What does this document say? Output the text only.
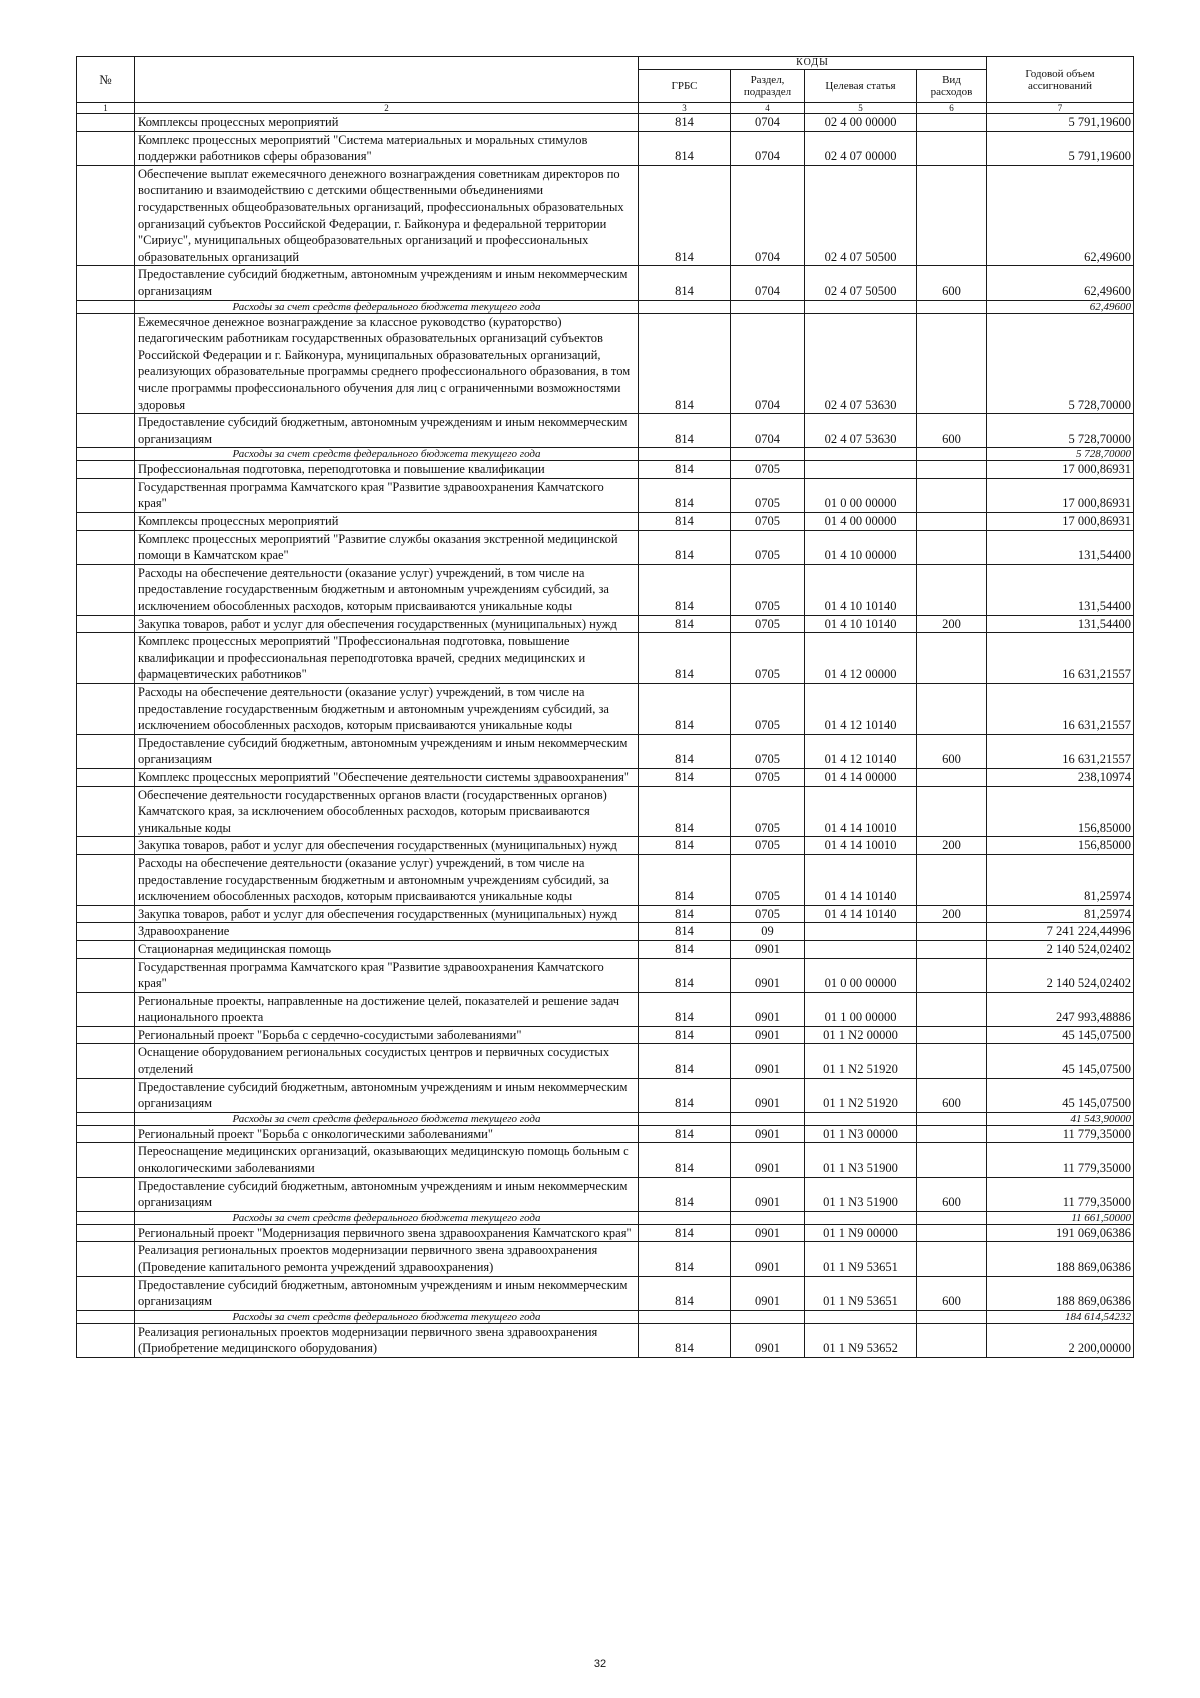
№		КОДЫ				Годовой объем ассигнований
		ГРБС	Раздел, подраздел	Целевая статья	Вид расходов	
1	2	3	4	5	6	7
	Комплексы процессных мероприятий	814	0704	02 4 00 00000		5 791,19600
	Комплекс процессных мероприятий "Система материальных и моральных стимулов поддержки работников сферы образования"	814	0704	02 4 07 00000		5 791,19600
	Обеспечение выплат ежемесячного денежного вознаграждения советникам директоров по воспитанию и взаимодействию с детскими общественными объединениями государственных общеобразовательных организаций, профессиональных образовательных организаций субъектов Российской Федерации, г. Байконура и федеральной территории "Сириус", муниципальных общеобразовательных организаций и профессиональных образовательных организаций	814	0704	02 4 07 50500		62,49600
	Предоставление субсидий бюджетным, автономным учреждениям и иным некоммерческим организациям	814	0704	02 4 07 50500	600	62,49600
	Расходы за счет средств федерального бюджета текущего года					62,49600
	Ежемесячное денежное вознаграждение за классное руководство (кураторство) педагогическим работникам государственных образовательных организаций субъектов Российской Федерации и г. Байконура, муниципальных образовательных организаций, реализующих образовательные программы среднего профессионального образования, в том числе программы профессионального обучения для лиц с ограниченными возможностями здоровья	814	0704	02 4 07 53630		5 728,70000
	Предоставление субсидий бюджетным, автономным учреждениям и иным некоммерческим организациям	814	0704	02 4 07 53630	600	5 728,70000
	Расходы за счет средств федерального бюджета текущего года					5 728,70000
	Профессиональная подготовка, переподготовка и повышение квалификации	814	0705			17 000,86931
	Государственная программа Камчатского края "Развитие здравоохранения Камчатского края"	814	0705	01 0 00 00000		17 000,86931
	Комплексы процессных мероприятий	814	0705	01 4 00 00000		17 000,86931
	Комплекс процессных мероприятий "Развитие службы оказания экстренной медицинской помощи в Камчатском крае"	814	0705	01 4 10 00000		131,54400
	Расходы на обеспечение деятельности (оказание услуг) учреждений, в том числе на предоставление государственным бюджетным и автономным учреждениям субсидий, за исключением обособленных расходов, которым присваиваются уникальные коды	814	0705	01 4 10 10140		131,54400
	Закупка товаров, работ и услуг для обеспечения государственных (муниципальных) нужд	814	0705	01 4 10 10140	200	131,54400
	Комплекс процессных мероприятий "Профессиональная подготовка, повышение квалификации и профессиональная переподготовка врачей, средних медицинских и фармацевтических работников"	814	0705	01 4 12 00000		16 631,21557
	Расходы на обеспечение деятельности (оказание услуг) учреждений, в том числе на предоставление государственным бюджетным и автономным учреждениям субсидий, за исключением обособленных расходов, которым присваиваются уникальные коды	814	0705	01 4 12 10140		16 631,21557
	Предоставление субсидий бюджетным, автономным учреждениям и иным некоммерческим организациям	814	0705	01 4 12 10140	600	16 631,21557
	Комплекс процессных мероприятий "Обеспечение деятельности системы здравоохранения"	814	0705	01 4 14 00000		238,10974
	Обеспечение деятельности государственных органов власти (государственных органов) Камчатского края, за исключением обособленных расходов, которым присваиваются уникальные коды	814	0705	01 4 14 10010		156,85000
	Закупка товаров, работ и услуг для обеспечения государственных (муниципальных) нужд	814	0705	01 4 14 10010	200	156,85000
	Расходы на обеспечение деятельности (оказание услуг) учреждений, в том числе на предоставление государственным бюджетным и автономным учреждениям субсидий, за исключением обособленных расходов, которым присваиваются уникальные коды	814	0705	01 4 14 10140		81,25974
	Закупка товаров, работ и услуг для обеспечения государственных (муниципальных) нужд	814	0705	01 4 14 10140	200	81,25974
	Здравоохранение	814	09			7 241 224,44996
	Стационарная медицинская помощь	814	0901			2 140 524,02402
	Государственная программа Камчатского края "Развитие здравоохранения Камчатского края"	814	0901	01 0 00 00000		2 140 524,02402
	Региональные проекты, направленные на достижение целей, показателей и решение задач национального проекта	814	0901	01 1 00 00000		247 993,48886
	Региональный проект "Борьба с сердечно-сосудистыми заболеваниями"	814	0901	01 1 N2 00000		45 145,07500
	Оснащение оборудованием региональных сосудистых центров и первичных сосудистых отделений	814	0901	01 1 N2 51920		45 145,07500
	Предоставление субсидий бюджетным, автономным учреждениям и иным некоммерческим организациям	814	0901	01 1 N2 51920	600	45 145,07500
	Расходы за счет средств федерального бюджета текущего года					41 543,90000
	Региональный проект "Борьба с онкологическими заболеваниями"	814	0901	01 1 N3 00000		11 779,35000
	Переоснащение медицинских организаций, оказывающих медицинскую помощь больным с онкологическими заболеваниями	814	0901	01 1 N3 51900		11 779,35000
	Предоставление субсидий бюджетным, автономным учреждениям и иным некоммерческим организациям	814	0901	01 1 N3 51900	600	11 779,35000
	Расходы за счет средств федерального бюджета текущего года					11 661,50000
	Региональный проект "Модернизация первичного звена здравоохранения Камчатского края"	814	0901	01 1 N9 00000		191 069,06386
	Реализация региональных проектов модернизации первичного звена здравоохранения (Проведение капитального ремонта учреждений здравоохранения)	814	0901	01 1 N9 53651		188 869,06386
	Предоставление субсидий бюджетным, автономным учреждениям и иным некоммерческим организациям	814	0901	01 1 N9 53651	600	188 869,06386
	Расходы за счет средств федерального бюджета текущего года					184 614,54232
	Реализация региональных проектов модернизации первичного звена здравоохранения (Приобретение медицинского оборудования)	814	0901	01 1 N9 53652		2 200,00000
32
